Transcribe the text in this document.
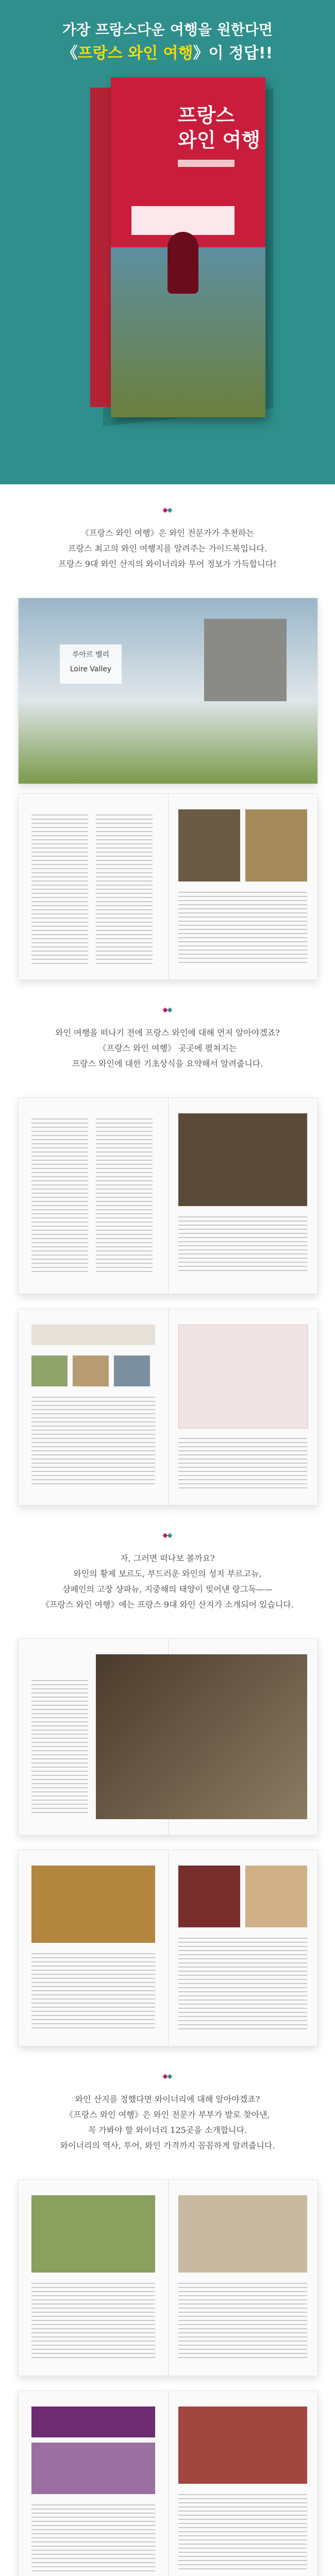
가장 프랑스다운 여행을 원한다면
《프랑스 와인 여행》이 정답!!
프랑스
와인 여행
《프랑스 와인 여행》은 와인 전문가가 추천하는
프랑스 최고의 와인 여행지를 알려주는 가이드북입니다.
프랑스 9대 와인 산지의 와이너리와 투어 정보가 가득합니다!
루아르 밸리
Loire Valley
와인 여행을 떠나기 전에 프랑스 와인에 대해 먼저 알아야겠죠?
《프랑스 와인 여행》 곳곳에 펼쳐지는
프랑스 와인에 대한 기초상식을 요약해서 알려줍니다.
자, 그러면 떠나보 볼까요?
와인의 황제 보르도, 부드러운 와인의 성지 부르고뉴,
샴페인의 고장 샹파뉴, 지중해의 태양이 빚어낸 랑그독——
《프랑스 와인 여행》에는 프랑스 9대 와인 산지가 소개되어 있습니다.
와인 산지를 정했다면 와이너리에 대해 알아야겠죠?
《프랑스 와인 여행》은 와인 전문가 부부가 발로 찾아낸,
꼭 가봐야 할 와이너리 125곳을 소개합니다.
와이너리의 역사, 투어, 와인 가격까지 꼼꼼하게 알려줍니다.
